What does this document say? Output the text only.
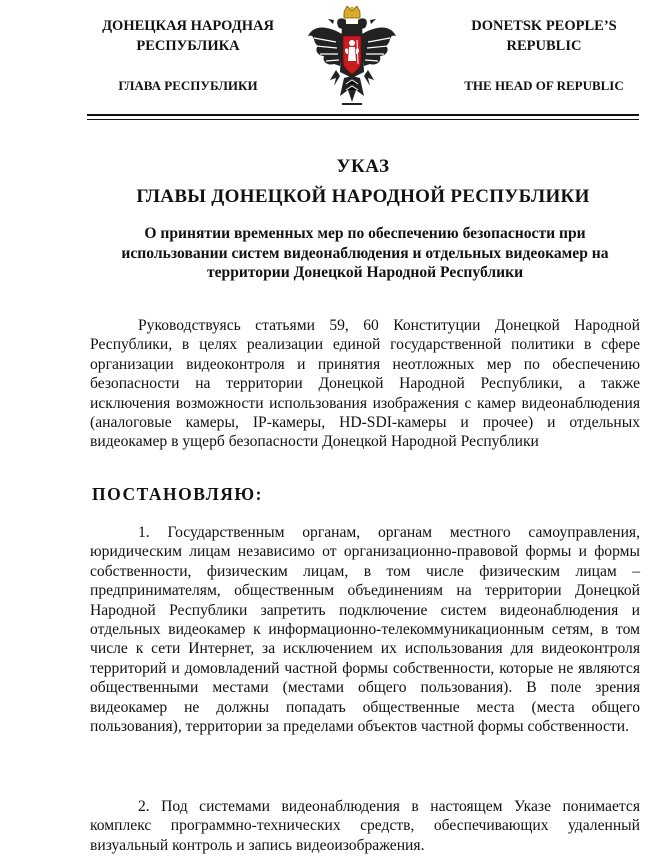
ДОНЕЦКАЯ НАРОДНАЯ
РЕСПУБЛИКА
ГЛАВА РЕСПУБЛИКИ
DONETSK PEOPLE’S
REPUBLIC
THE HEAD OF REPUBLIC
УКАЗ
ГЛАВЫ ДОНЕЦКОЙ НАРОДНОЙ РЕСПУБЛИКИ
О принятии временных мер по обеспечению безопасности при использовании систем видеонаблюдения и отдельных видеокамер на территории Донецкой Народной Республики
Руководствуясь статьями 59, 60 Конституции Донецкой Народной Республики, в целях реализации единой государственной политики в сфере организации видеоконтроля и принятия неотложных мер по обеспечению безопасности на территории Донецкой Народной Республики, а также исключения возможности использования изображения с камер видеонаблюдения (аналоговые камеры, IP-камеры, HD-SDI-камеры и прочее) и отдельных видеокамер в ущерб безопасности Донецкой Народной Республики
ПОСТАНОВЛЯЮ:
1. Государственным органам, органам местного самоуправления, юридическим лицам независимо от организационно-правовой формы и формы собственности, физическим лицам, в том числе физическим лицам – предпринимателям, общественным объединениям на территории Донецкой Народной Республики запретить подключение систем видеонаблюдения и отдельных видеокамер к информационно-телекоммуникационным сетям, в том числе к сети Интернет, за исключением их использования для видеоконтроля территорий и домовладений частной формы собственности, которые не являются общественными местами (местами общего пользования). В поле зрения видеокамер не должны попадать общественные места (места общего пользования), территории за пределами объектов частной формы собственности.
2. Под системами видеонаблюдения в настоящем Указе понимается комплекс программно-технических средств, обеспечивающих удаленный визуальный контроль и запись видеоизображения.
